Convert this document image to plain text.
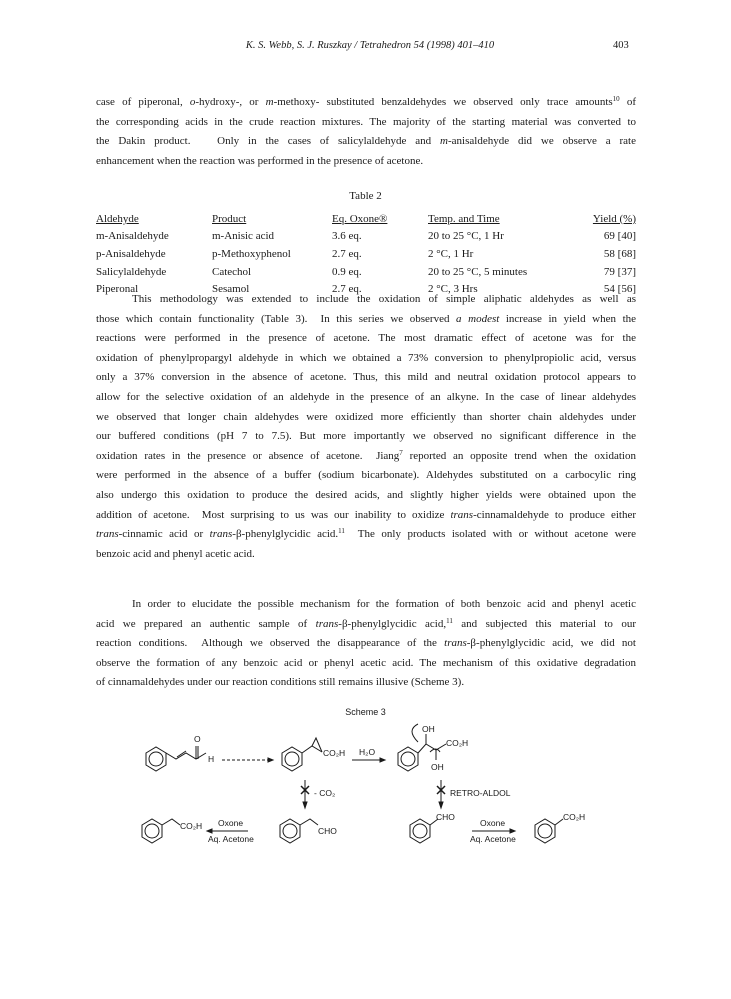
K. S. Webb, S. J. Ruszkay / Tetrahedron 54 (1998) 401–410	403
case of piperonal, o-hydroxy-, or m-methoxy- substituted benzaldehydes we observed only trace amounts$^{10}$ of
the corresponding acids in the crude reaction mixtures. The majority of the starting material was converted to
the Dakin product.   Only in the cases of salicylaldehyde and m-anisaldehyde did we observe a rate
enhancement when the reaction was performed in the presence of acetone.
Table 2
Aldehyde	Product	Eq. Oxone®	Temp. and Time	Yield (%)
m-Anisaldehyde	m-Anisic acid	3.6 eq.	20 to 25 °C, 1 Hr	69 [40]
p-Anisaldehyde	p-Methoxyphenol	2.7 eq.	2 °C, 1 Hr	58 [68]
Salicylaldehyde	Catechol	0.9 eq.	20 to 25 °C, 5 minutes	79 [37]
Piperonal	Sesamol	2.7 eq.	2 °C, 3 Hrs	54 [56]
This methodology was extended to include the oxidation of simple aliphatic aldehydes as well as
those which contain functionality (Table 3).  In this series we observed a modest increase in yield when the
reactions were performed in the presence of acetone. The most dramatic effect of acetone was for the
oxidation of phenylpropargyl aldehyde in which we obtained a 73% conversion to phenylpropiolic acid, versus
only a 37% conversion in the absence of acetone. Thus, this mild and neutral oxidation protocol appears to
allow for the selective oxidation of an aldehyde in the presence of an alkyne. In the case of linear aldehydes
we observed that longer chain aldehydes were oxidized more efficiently than shorter chain aldehydes under
our buffered conditions (pH 7 to 7.5). But more importantly we observed no significant difference in the
oxidation rates in the presence or absence of acetone.  Jiang$^7$ reported an opposite trend when the oxidation
were performed in the absence of a buffer (sodium bicarbonate). Aldehydes substituted on a carbocylic ring
also undergo this oxidation to produce the desired acids, and slightly higher yields were obtained upon the
addition of acetone.  Most surprising to us was our inability to oxidize trans-cinnamaldehyde to produce either
trans-cinnamic acid or trans-β-phenylglycidic acid.$^{11}$  The only products isolated with or without acetone were
benzoic acid and phenyl acetic acid.
In order to elucidate the possible mechanism for the formation of both benzoic acid and phenyl acetic
acid we prepared an authentic sample of trans-β-phenylglycidic acid,$^{11}$ and subjected this material to our
reaction conditions.  Although we observed the disappearance of the trans-β-phenylglycidic acid, we did not
observe the formation of any benzoic acid or phenyl acetic acid. The mechanism of this oxidative degradation
of cinnamaldehydes under our reaction conditions still remains illusive (Scheme 3).
Scheme 3
O
H
CO₂H H₂O
OH
CO₂H
OH
- CO₂	RETRO-ALDOL
CO₂H Oxone
Aq. Acetone
CHO
CHO
Oxone
Aq. Acetone
CO₂H
